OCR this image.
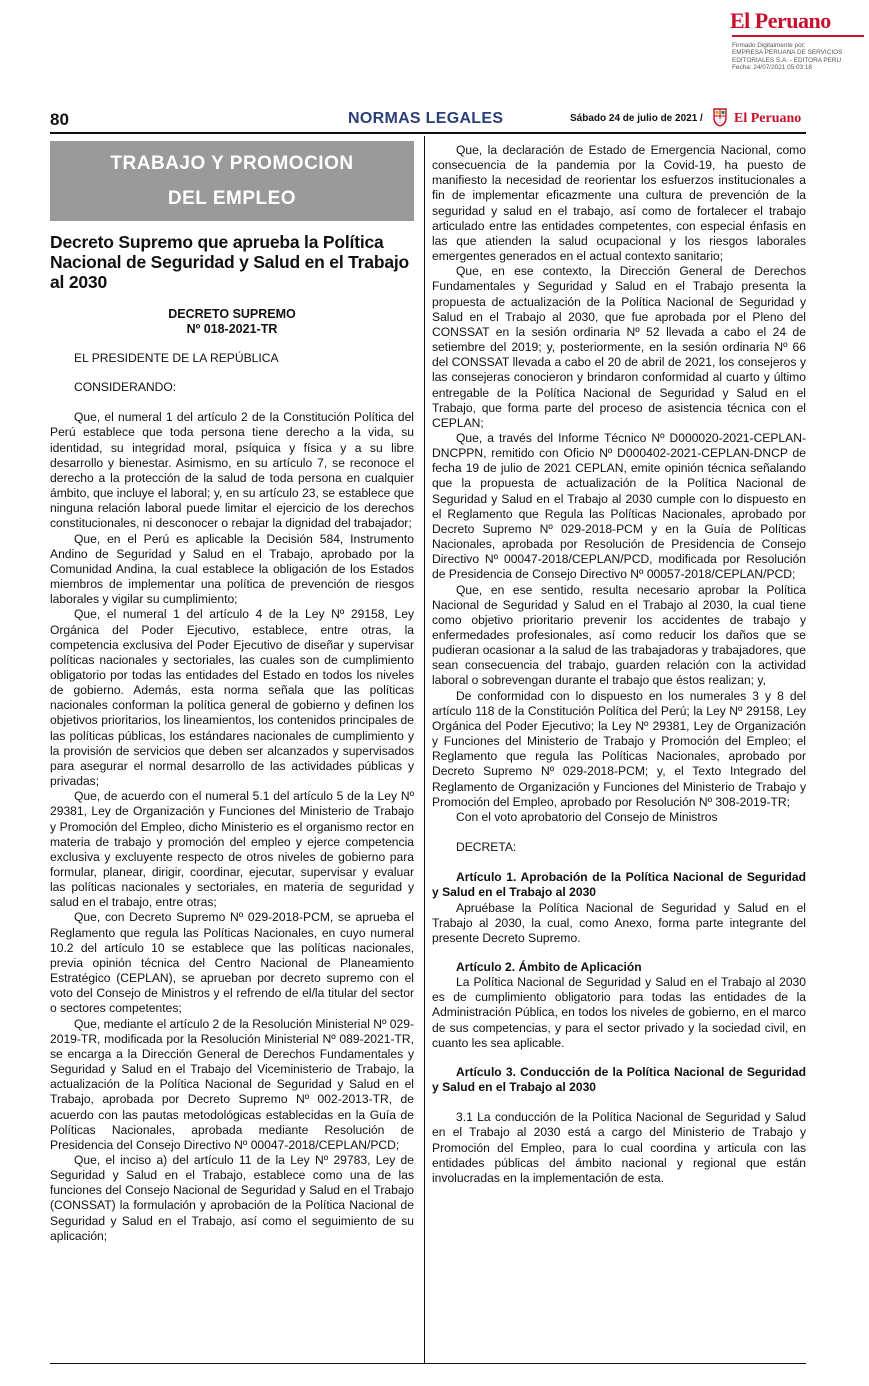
El Peruano
Firmado Digitalmente por:
EMPRESA PERUANA DE SERVICIOS
EDITORIALES S.A. - EDITORA PERU
Fecha: 24/07/2021 05:03:18
80	NORMAS LEGALES	Sábado 24 de julio de 2021 / El Peruano
TRABAJO Y PROMOCION
DEL EMPLEO

Decreto Supremo que aprueba la Política Nacional de Seguridad y Salud en el Trabajo al 2030

DECRETO SUPREMO

Nº 018-2021-TR

EL PRESIDENTE DE LA REPÚBLICA

CONSIDERANDO:

Que, el numeral 1 del artículo 2 de la Constitución Política del Perú establece que toda persona tiene derecho a la vida, su identidad, su integridad moral, psíquica y física y a su libre desarrollo y bienestar. Asimismo, en su artículo 7, se reconoce el derecho a la protección de la salud de toda persona en cualquier ámbito, que incluye el laboral; y, en su artículo 23, se establece que ninguna relación laboral puede limitar el ejercicio de los derechos constitucionales, ni desconocer o rebajar la dignidad del trabajador;

Que, en el Perú es aplicable la Decisión 584, Instrumento Andino de Seguridad y Salud en el Trabajo, aprobado por la Comunidad Andina, la cual establece la obligación de los Estados miembros de implementar una política de prevención de riesgos laborales y vigilar su cumplimiento;

Que, el numeral 1 del artículo 4 de la Ley Nº 29158, Ley Orgánica del Poder Ejecutivo, establece, entre otras, la competencia exclusiva del Poder Ejecutivo de diseñar y supervisar políticas nacionales y sectoriales, las cuales son de cumplimiento obligatorio por todas las entidades del Estado en todos los niveles de gobierno. Además, esta norma señala que las políticas nacionales conforman la política general de gobierno y definen los objetivos prioritarios, los lineamientos, los contenidos principales de las políticas públicas, los estándares nacionales de cumplimiento y la provisión de servicios que deben ser alcanzados y supervisados para asegurar el normal desarrollo de las actividades públicas y privadas;

Que, de acuerdo con el numeral 5.1 del artículo 5 de la Ley Nº 29381, Ley de Organización y Funciones del Ministerio de Trabajo y Promoción del Empleo, dicho Ministerio es el organismo rector en materia de trabajo y promoción del empleo y ejerce competencia exclusiva y excluyente respecto de otros niveles de gobierno para formular, planear, dirigir, coordinar, ejecutar, supervisar y evaluar las políticas nacionales y sectoriales, en materia de seguridad y salud en el trabajo, entre otras;

Que, con Decreto Supremo Nº 029-2018-PCM, se aprueba el Reglamento que regula las Políticas Nacionales, en cuyo numeral 10.2 del artículo 10 se establece que las políticas nacionales, previa opinión técnica del Centro Nacional de Planeamiento Estratégico (CEPLAN), se aprueban por decreto supremo con el voto del Consejo de Ministros y el refrendo de el/la titular del sector o sectores competentes;

Que, mediante el artículo 2 de la Resolución Ministerial Nº 029-2019-TR, modificada por la Resolución Ministerial Nº 089-2021-TR, se encarga a la Dirección General de Derechos Fundamentales y Seguridad y Salud en el Trabajo del Viceministerio de Trabajo, la actualización de la Política Nacional de Seguridad y Salud en el Trabajo, aprobada por Decreto Supremo Nº 002-2013-TR, de acuerdo con las pautas metodológicas establecidas en la Guía de Políticas Nacionales, aprobada mediante Resolución de Presidencia del Consejo Directivo Nº 00047-2018/CEPLAN/PCD;

Que, el inciso a) del artículo 11 de la Ley Nº 29783, Ley de Seguridad y Salud en el Trabajo, establece como una de las funciones del Consejo Nacional de Seguridad y Salud en el Trabajo (CONSSAT) la formulación y aprobación de la Política Nacional de Seguridad y Salud en el Trabajo, así como el seguimiento de su aplicación;

Que, la declaración de Estado de Emergencia Nacional, como consecuencia de la pandemia por la Covid-19, ha puesto de manifiesto la necesidad de reorientar los esfuerzos institucionales a fin de implementar eficazmente una cultura de prevención de la seguridad y salud en el trabajo, así como de fortalecer el trabajo articulado entre las entidades competentes, con especial énfasis en las que atienden la salud ocupacional y los riesgos laborales emergentes generados en el actual contexto sanitario;

Que, en ese contexto, la Dirección General de Derechos Fundamentales y Seguridad y Salud en el Trabajo presenta la propuesta de actualización de la Política Nacional de Seguridad y Salud en el Trabajo al 2030, que fue aprobada por el Pleno del CONSSAT en la sesión ordinaria Nº 52 llevada a cabo el 24 de setiembre del 2019; y, posteriormente, en la sesión ordinaria Nº 66 del CONSSAT llevada a cabo el 20 de abril de 2021, los consejeros y las consejeras conocieron y brindaron conformidad al cuarto y último entregable de la Política Nacional de Seguridad y Salud en el Trabajo, que forma parte del proceso de asistencia técnica con el CEPLAN;

Que, a través del Informe Técnico Nº D000020-2021-CEPLAN-DNCPPN, remitido con Oficio Nº D000402-2021-CEPLAN-DNCP de fecha 19 de julio de 2021 CEPLAN, emite opinión técnica señalando que la propuesta de actualización de la Política Nacional de Seguridad y Salud en el Trabajo al 2030 cumple con lo dispuesto en el Reglamento que Regula las Políticas Nacionales, aprobado por Decreto Supremo Nº 029-2018-PCM y en la Guía de Políticas Nacionales, aprobada por Resolución de Presidencia de Consejo Directivo Nº 00047-2018/CEPLAN/PCD, modificada por Resolución de Presidencia de Consejo Directivo Nº 00057-2018/CEPLAN/PCD;

Que, en ese sentido, resulta necesario aprobar la Política Nacional de Seguridad y Salud en el Trabajo al 2030, la cual tiene como objetivo prioritario prevenir los accidentes de trabajo y enfermedades profesionales, así como reducir los daños que se pudieran ocasionar a la salud de las trabajadoras y trabajadores, que sean consecuencia del trabajo, guarden relación con la actividad laboral o sobrevengan durante el trabajo que éstos realizan; y,

De conformidad con lo dispuesto en los numerales 3 y 8 del artículo 118 de la Constitución Política del Perú; la Ley Nº 29158, Ley Orgánica del Poder Ejecutivo; la Ley Nº 29381, Ley de Organización y Funciones del Ministerio de Trabajo y Promoción del Empleo; el Reglamento que regula las Políticas Nacionales, aprobado por Decreto Supremo Nº 029-2018-PCM; y, el Texto Integrado del Reglamento de Organización y Funciones del Ministerio de Trabajo y Promoción del Empleo, aprobado por Resolución Nº 308-2019-TR;

Con el voto aprobatorio del Consejo de Ministros

DECRETA:

Artículo 1. Aprobación de la Política Nacional de Seguridad y Salud en el Trabajo al 2030

Apruébase la Política Nacional de Seguridad y Salud en el Trabajo al 2030, la cual, como Anexo, forma parte integrante del presente Decreto Supremo.

Artículo 2. Ámbito de Aplicación

La Política Nacional de Seguridad y Salud en el Trabajo al 2030 es de cumplimiento obligatorio para todas las entidades de la Administración Pública, en todos los niveles de gobierno, en el marco de sus competencias, y para el sector privado y la sociedad civil, en cuanto les sea aplicable.

Artículo 3. Conducción de la Política Nacional de Seguridad y Salud en el Trabajo al 2030

3.1 La conducción de la Política Nacional de Seguridad y Salud en el Trabajo al 2030 está a cargo del Ministerio de Trabajo y Promoción del Empleo, para lo cual coordina y articula con las entidades públicas del ámbito nacional y regional que están involucradas en la implementación de esta.
